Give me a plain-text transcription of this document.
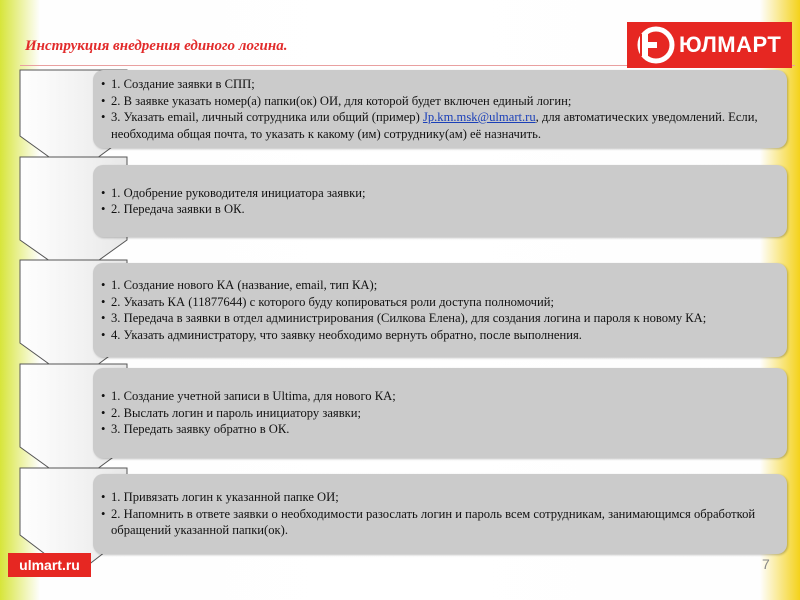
Инструкция внедрения единого логина.	ЮЛМАРТ
• 1. Создание заявки в СПП;
• 2. В заявке указать номер(а) папки(ок) ОИ, для которой будет включен единый логин;
• 3. Указать email, личный сотрудника или общий (пример) Jp.km.msk@ulmart.ru, для автоматических уведомлений. Если, необходима общая почта, то указать к какому (им) сотруднику(ам) её назначить.
• 1. Одобрение руководителя инициатора заявки;
• 2. Передача заявки в ОК.
• 1. Создание нового КА (название, email, тип КА);
• 2. Указать КА (11877644) с которого буду копироваться роли доступа полномочий;
• 3. Передача в заявки в отдел администрирования (Силкова Елена), для создания логина и пароля к новому КА;
• 4. Указать администратору, что заявку необходимо вернуть обратно, после выполнения.
• 1. Создание учетной записи в Ultima, для нового КА;
• 2. Выслать логин и пароль инициатору заявки;
• 3. Передать заявку обратно в ОК.
• 1. Привязать логин к указанной папке ОИ;
• 2. Напомнить в ответе заявки о необходимости разослать логин и пароль всем сотрудникам, занимающимся обработкой обращений указанной папки(ок).
ulmart.ru	7
